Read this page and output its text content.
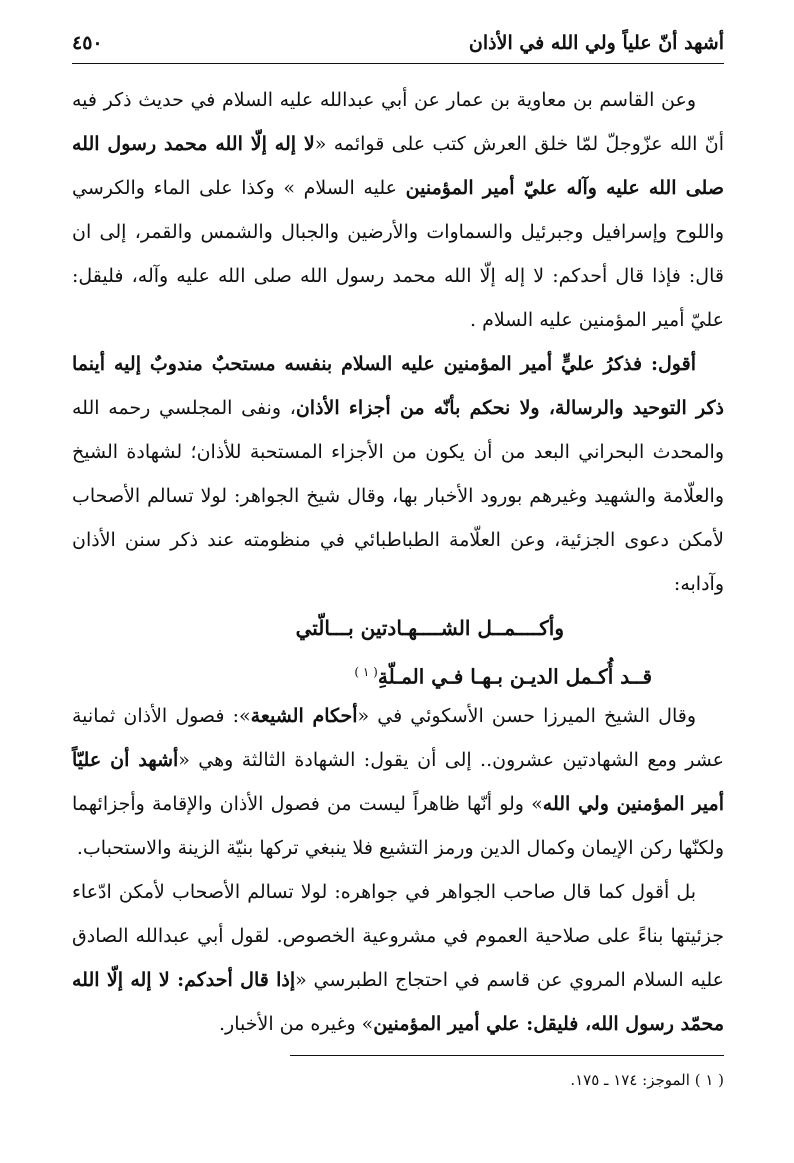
أشهد أنّ علياً ولي الله في الأذان
٤٥٠

وعن القاسم بن معاوية بن عمار عن أبي عبدالله عليه السلام في حديث ذكر فيه أنّ الله عزّوجلّ لمّا خلق العرش كتب على قوائمه «لا إله إلّا الله محمد رسول الله صلى الله عليه وآله عليّ أمير المؤمنين عليه السلام » وكذا على الماء والكرسي واللوح وإسرافيل وجبرئيل والسماوات والأرضين والجبال والشمس والقمر، إلى ان قال: فإذا قال أحدكم: لا إله إلّا الله محمد رسول الله صلى الله عليه وآله، فليقل: عليّ أمير المؤمنين عليه السلام .

أقول: فذكرُ عليٍّ أمير المؤمنين عليه السلام بنفسه مستحبٌ مندوبٌ إليه أينما ذكر التوحيد والرسالة، ولا نحكم بأنّه من أجزاء الأذان، ونفى المجلسي رحمه الله والمحدث البحراني البعد من أن يكون من الأجزاء المستحبة للأذان؛ لشهادة الشيخ والعلّامة والشهيد وغيرهم بورود الأخبار بها، وقال شيخ الجواهر: لولا تسالم الأصحاب لأمكن دعوى الجزئية، وعن العلّامة الطباطبائي في منظومته عند ذكر سنن الأذان وآدابه:

وأكــــمــل الشــــهـادتين بـــالّتي
قــد أُكـمل الديـن بـهـا فـي المـلّةِ$^{( ١ )}$

وقال الشيخ الميرزا حسن الأسكوئي في «أحكام الشيعة»: فصول الأذان ثمانية عشر ومع الشهادتين عشرون.. إلى أن يقول: الشهادة الثالثة وهي «أشهد أن عليّاً أمير المؤمنين ولي الله» ولو أنّها ظاهراً ليست من فصول الأذان والإقامة وأجزائهما ولكنّها ركن الإيمان وكمال الدين ورمز التشيع فلا ينبغي تركها بنيّة الزينة والاستحباب.

بل أقول كما قال صاحب الجواهر في جواهره: لولا تسالم الأصحاب لأمكن ادّعاء جزئيتها بناءً على صلاحية العموم في مشروعية الخصوص. لقول أبي عبدالله الصادق عليه السلام المروي عن قاسم في احتجاج الطبرسي «إذا قال أحدكم: لا إله إلّا الله محمّد رسول الله، فليقل: علي أمير المؤمنين» وغيره من الأخبار.

( ١ ) الموجز: ١٧٤ ـ ١٧٥.
